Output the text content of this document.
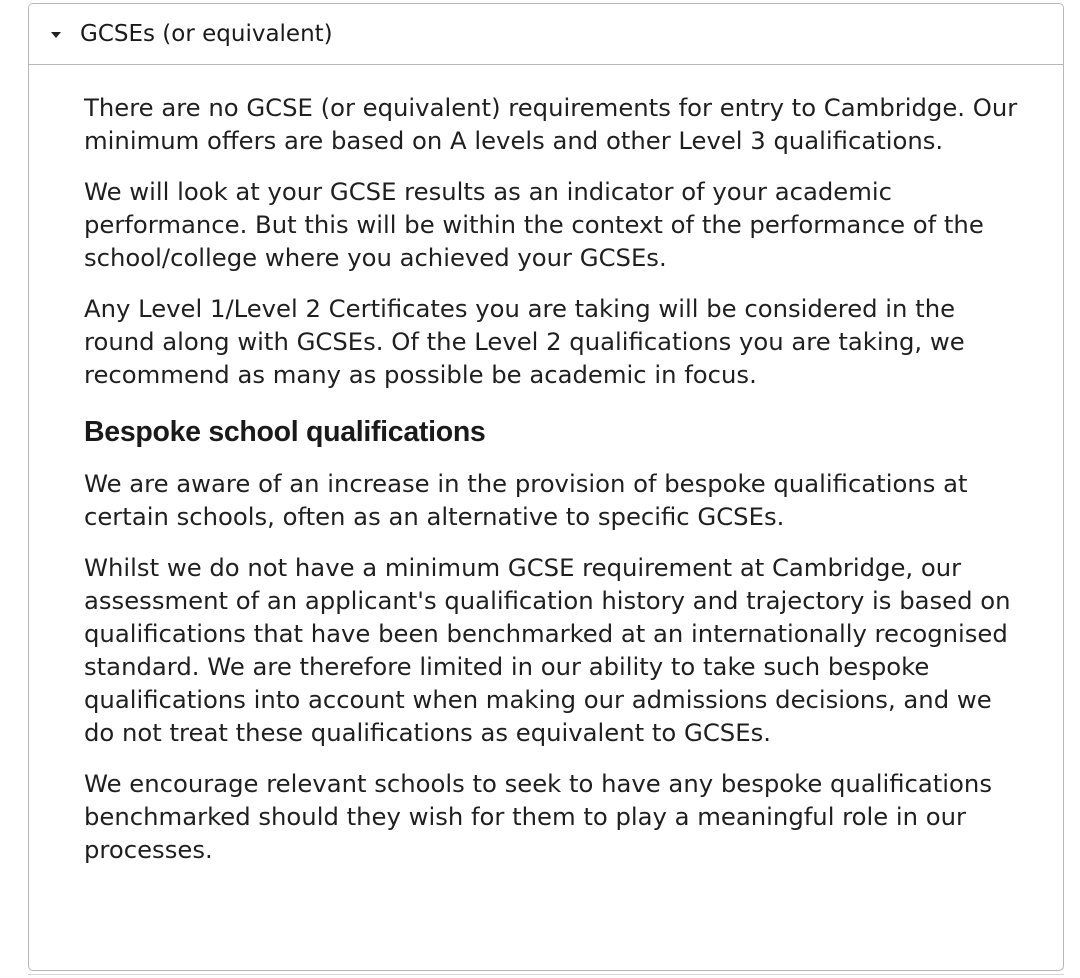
GCSEs (or equivalent)

There are no GCSE (or equivalent) requirements for entry to Cambridge. Our minimum offers are based on A levels and other Level 3 qualifications.

We will look at your GCSE results as an indicator of your academic performance. But this will be within the context of the performance of the school/college where you achieved your GCSEs.

Any Level 1/Level 2 Certificates you are taking will be considered in the round along with GCSEs. Of the Level 2 qualifications you are taking, we recommend as many as possible be academic in focus.

Bespoke school qualifications

We are aware of an increase in the provision of bespoke qualifications at certain schools, often as an alternative to specific GCSEs.

Whilst we do not have a minimum GCSE requirement at Cambridge, our assessment of an applicant's qualification history and trajectory is based on qualifications that have been benchmarked at an internationally recognised standard. We are therefore limited in our ability to take such bespoke qualifications into account when making our admissions decisions, and we do not treat these qualifications as equivalent to GCSEs.

We encourage relevant schools to seek to have any bespoke qualifications benchmarked should they wish for them to play a meaningful role in our processes.
